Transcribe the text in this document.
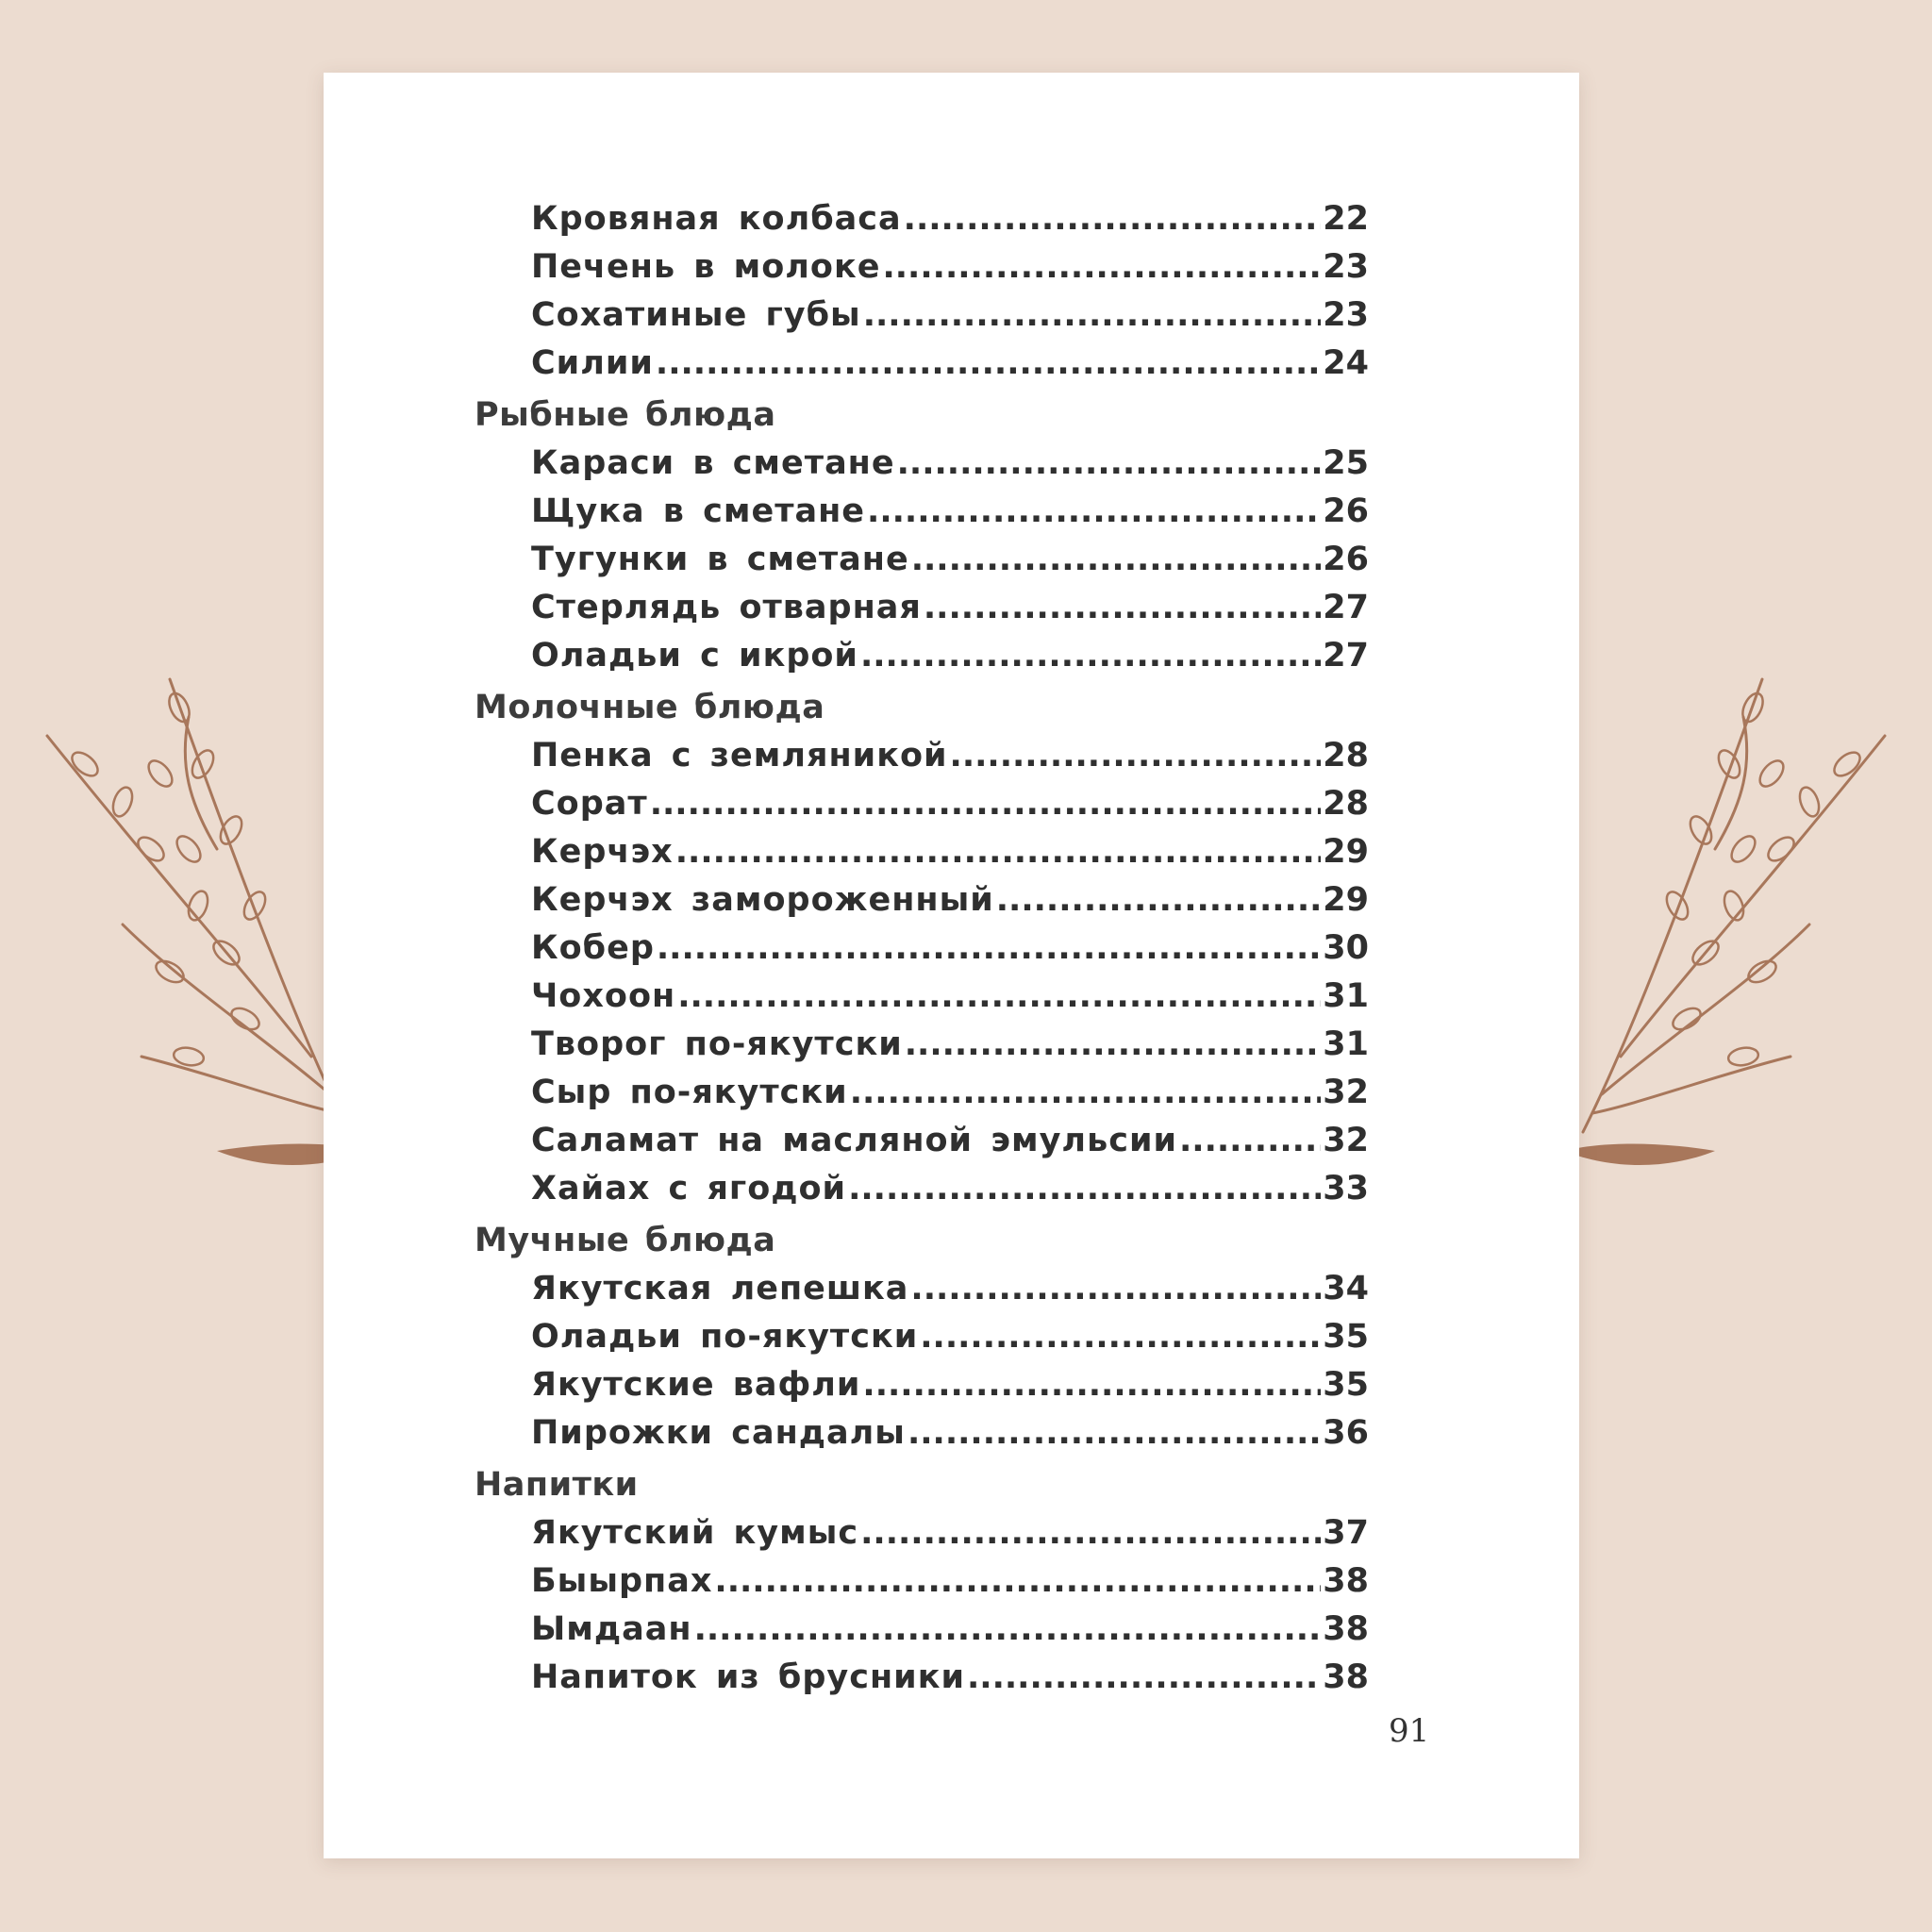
Кровяная колбаса .....	22
Печень в молоке .....	23
Сохатиные губы .....	23
Силии .....	24
Рыбные блюда
Караси в сметане .....	25
Щука в сметане .....	26
Тугунки в сметане .....	26
Стерлядь отварная .....	27
Оладьи с икрой .....	27
Молочные блюда
Пенка с земляникой .....	28
Сорат .....	28
Керчэх .....	29
Керчэх замороженный .....	29
Кобер .....	30
Чохоон .....	31
Творог по-якутски .....	31
Сыр по-якутски .....	32
Саламат на масляной эмульсии .....	32
Хайах с ягодой .....	33
Мучные блюда
Якутская лепешка .....	34
Оладьи по-якутски .....	35
Якутские вафли .....	35
Пирожки сандалы .....	36
Напитки
Якутский кумыс .....	37
Быырпах .....	38
Ымдаан .....	38
Напиток из брусники .....	38
91
